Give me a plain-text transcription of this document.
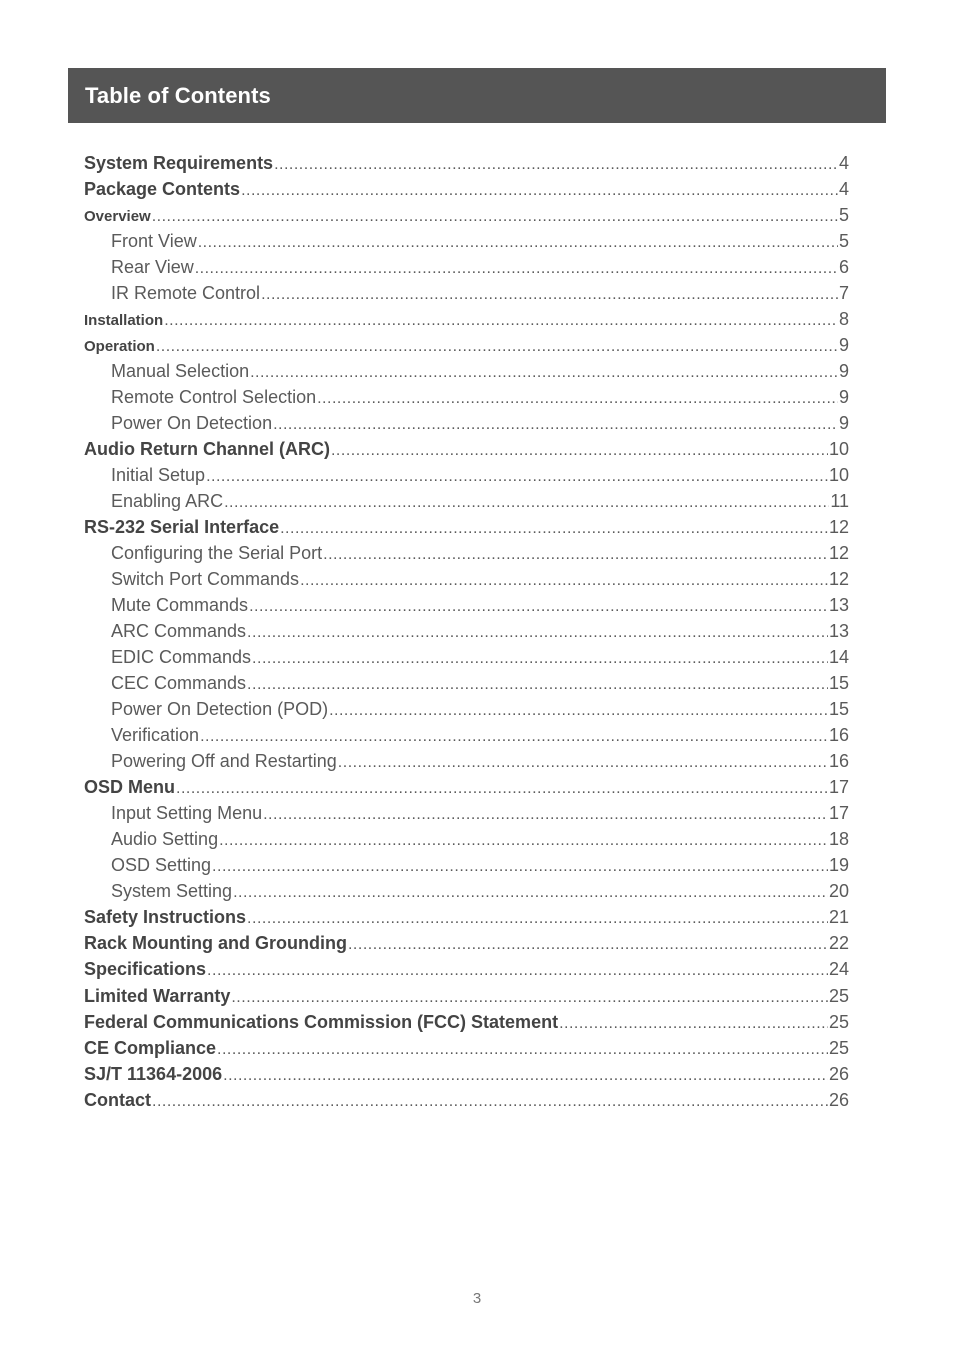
Table of Contents
System Requirements .....	4
Package Contents .....	4
Overview .....	5
Front View .....	5
Rear View .....	6
IR Remote Control .....	7
Installation .....	8
Operation .....	9
Manual Selection .....	9
Remote Control Selection .....	9
Power On Detection .....	9
Audio Return Channel (ARC) .....	10
Initial Setup .....	10
Enabling ARC .....	11
RS-232 Serial Interface .....	12
Configuring the Serial Port .....	12
Switch Port Commands .....	12
Mute Commands .....	13
ARC Commands .....	13
EDIC Commands .....	14
CEC Commands .....	15
Power On Detection (POD) .....	15
Verification .....	16
Powering Off and Restarting .....	16
OSD Menu .....	17
Input Setting Menu .....	17
Audio Setting .....	18
OSD Setting .....	19
System Setting .....	20
Safety Instructions .....	21
Rack Mounting and Grounding .....	22
Specifications .....	24
Limited Warranty .....	25
Federal Communications Commission (FCC) Statement .....	25
CE Compliance .....	25
SJ/T 11364-2006 .....	26
Contact .....	26
3
